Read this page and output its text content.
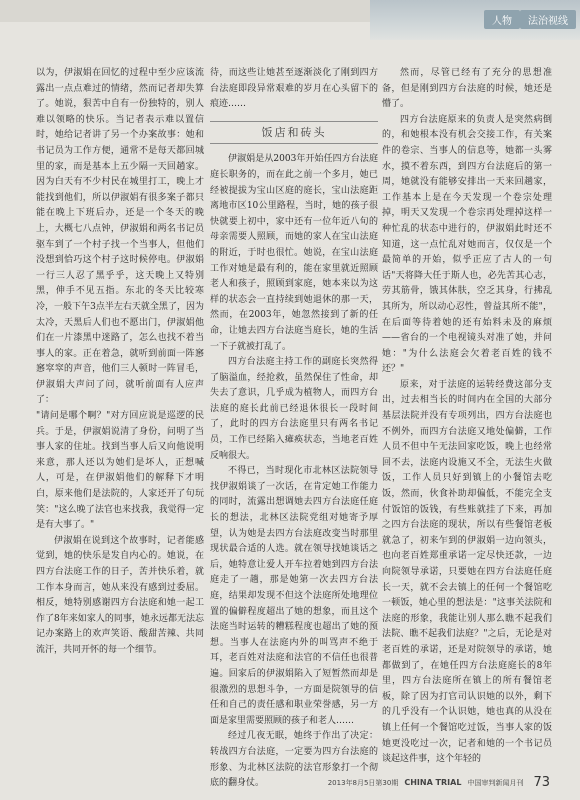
人物	法治视线

以为，伊淑娟在回忆的过程中至少应该流露出一点点难过的情绪，然而记者却失算了。她说，狠苦中自有一份独特的，别人难以领略的快乐。当记者表示难以置信时，她给记者讲了另一个办案故事：她和书记员为工作方便，通常不是每天都回城里的家，而是基本上五少隔一天回趟家。因为白天有不少村民在城里打工，晚上才能找到他们，所以伊淑娟有很多案子都只能在晚上下班后办，还是一个冬天的晚上，大概七八点钟，伊淑娟和两名书记员驱车到了一个村子找一个当事人，但他们没想到恰巧这个村子这时候停电。伊淑娟一行三人忍了黑乎乎，这天晚上又特别黑，伸手不见五指。东北的冬天比较寒冷，一般下午3点半左右天就全黑了，因为太冷，天黑后人们也不愿出门，伊淑娟他们在一片漆黑中迷路了，怎么也找不着当事人的家。正在着急，就听到前面一阵窸窸窣窣的声音，他们三人顿时一阵冒毛，伊淑娟大声问了问，就听前面有人应声了：

"请问是哪个啊？"对方回应说是巡逻的民兵。于是，伊淑娟说清了身份，问明了当事人家的住址。找到当事人后又向他说明来意，那人还以为她们是坏人，正想喊人，可是，在伊淑娟他们的解释下才明白，原来他们是法院的，人家还开了句玩笑："这么晚了法官也来找我，我觉得一定是有大事了。"

伊淑娟在说到这个故事时，记者能感觉到，她的快乐是发自内心的。她说，在四方台法庭工作的日子，苦并快乐着，就工作本身而言，她从来没有感到过委屈。相反，她特别感谢四方台法庭和她一起工作了8年来如家人的同事，她永远都无法忘记办案路上的欢声笑语、酸甜苦辣、共同流汗，共同开怀的每一个细节。

待，而这些让她甚至逐渐淡化了刚到四方台法庭即段异常艰难的岁月在心头留下的痕迹……

饭店和砖头

伊淑娟是从2003年开始任四方台法庭庭长职务的，而在此之前一个多月，她已经被提拔为宝山区庭的庭长，宝山法庭距离地市区10公里路程，当时，她的孩子很快就要上初中，家中还有一位年近八旬的母亲需要人照顾，而她的家人在宝山法庭的附近，于时也很忙。她说，在宝山法庭工作对她是最有利的，能在家里就近照顾老人和孩子，照顾到家庭，她本来以为这样的状态会一直持续到她退休的那一天，然而，在2003年，她忽然接到了新的任命，让她去四方台法庭当庭长，她的生活一下子就被打乱了。

四方台法庭主持工作的副庭长突然得了脑溢血，经抢救，虽然保住了性命，却失去了意识，几乎成为植物人，而四方台法庭的庭长此前已经退休很长一段时间了，此时的四方台法庭里只有两名书记员，工作已经陷入瘫痪状态，当地老百姓反响很大。

不得已，当时现化市北林区法院领导找伊淑娟谈了一次话，在肯定她工作能力的同时，流露出想调她去四方台法庭任庭长的想法，北林区法院党组对她寄予厚望，认为她是去四方台法庭改变当时那里现状最合适的人选。就在领导找她谈话之后，她特意让爱人开车拉着她到四方台法庭走了一趟，那是她第一次去四方台法庭，结果却发现不但这个法庭所处地理位置的偏僻程度超出了她的想象，而且这个法庭当时运转的糟糕程度也超出了她的预想。当事人在法庭内外的叫骂声不绝于耳，老百姓对法庭和法官的不信任也很普遍。回家后的伊淑娟陷入了短暂然而却是很激烈的思想斗争，一方面是院领导的信任和自己的责任感和职业荣誉感，另一方面是家里需要照顾的孩子和老人……

经过几夜无眠，她终于作出了决定：转战四方台法庭，一定要为四方台法庭的形象、为北林区法院的法官形象打一个彻底的翻身仗。

然而，尽管已经有了充分的思想准备，但是刚到四方台法庭的时候，她还是懵了。

四方台法庭原来的负责人是突然病倒的，和她根本没有机会交接工作，有关案件的卷宗、当事人的信息等，她都一头雾水，摸不着东西，到四方台法庭后的第一周，她就没有能够安排出一天来回趟家，工作基本上是在今天发现一个卷宗处理掉，明天又发现一个卷宗再处理掉这样一种忙乱的状态中进行的，伊淑娟此时还不知道，这一点忙乱对她而言，仅仅是一个最简单的开始，似乎正应了古人的一句话"天将降大任于斯人也，必先苦其心志，劳其筋骨，饿其体肤，空乏其身，行拂乱其所为，所以动心忍性，曾益其所不能"，在后面等待着她的还有始料未及的麻烦——省台的一个电视镜头对准了她，并问她："为什么法庭会欠着老百姓的钱不还？"

原来，对于法庭的运转经费这部分支出，过去相当长的时间内在全国的大部分基层法院并没有专项列出，四方台法庭也不例外，而四方台法庭又地处偏僻，工作人员不但中午无法回家吃饭，晚上也经常回不去，法庭内设施又不全，无法生火做饭，工作人员只好到镇上的小餐馆去吃饭，然而，伙食补助却偏低，不能完全支付饭馆的饭钱，有些账就挂了下来，再加之四方台法庭的现状，所以有些餐馆老板就急了，初来乍到的伊淑娟一边向领头，也向老百姓郑重承诺一定尽快还款，一边向院领导承诺，只要她在四方台法庭任庭长一天，就不会去镇上的任何一个餐馆吃一顿饭，她心里的想法是："这事关法院和法庭的形象，我能让别人那么瞧不起我们法院、瞧不起我们法庭？"之后，无论是对老百姓的承诺，还是对院领导的承诺，她都做到了，在她任四方台法庭庭长的8年里，四方台法庭所在镇上的所有餐馆老板，除了因为打官司认识她的以外，剩下的几乎没有一个认识她，她也真的从没在镇上任何一个餐馆吃过饭，当事人家的饭她更没吃过一次，记者和她的一个书记员谈起这件事，这个年轻的

2013年8月5日第30期 CHINA TRIAL 中国审判新闻月刊 73
